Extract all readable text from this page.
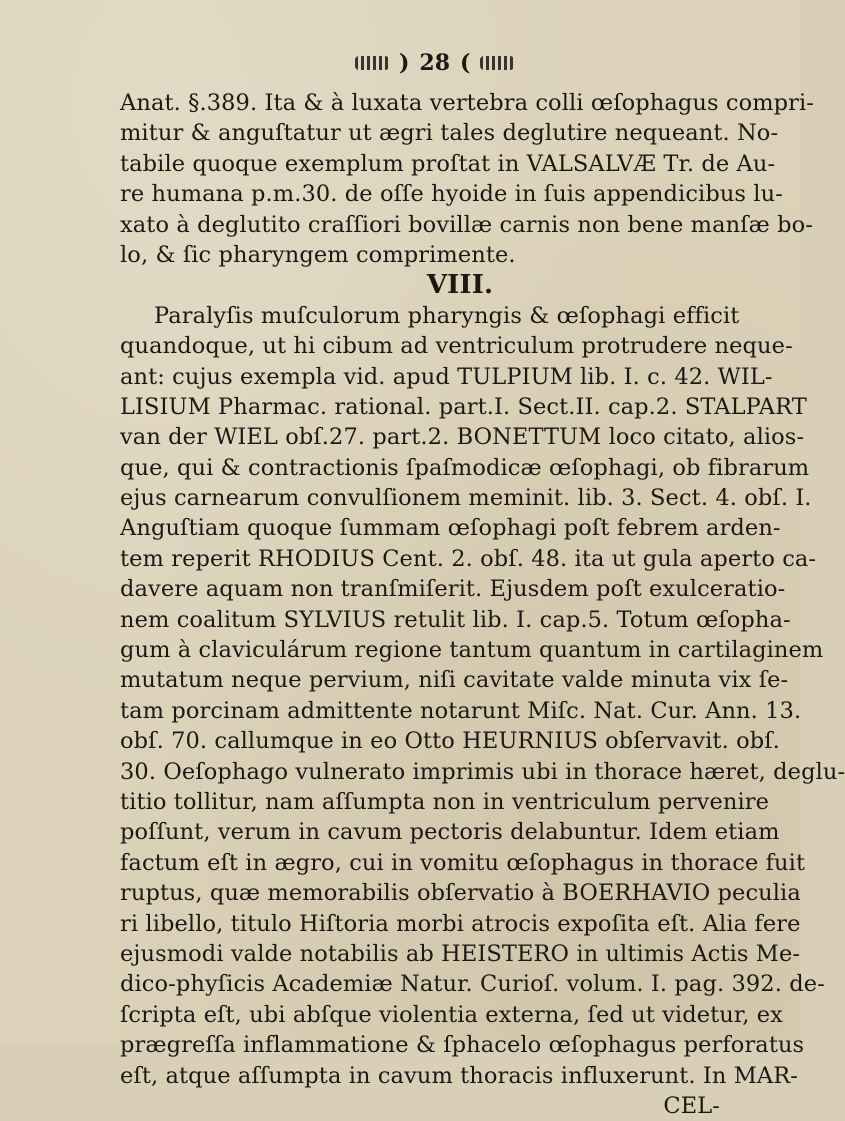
) 28 (
Anat. §.389. Ita & à luxata vertebra colli œſophagus compri-
mitur & anguſtatur ut ægri tales deglutire nequeant. No-
tabile quoque exemplum proſtat in VALSALVÆ Tr. de Au-
re humana p.m.30. de oſſe hyoide in ſuis appendicibus lu-
xato à deglutito craſſiori bovillæ carnis non bene manſæ bo-
lo, & ſic pharyngem comprimente.
VIII.
Paralyſis muſculorum pharyngis & œſophagi efficit
quandoque, ut hi cibum ad ventriculum protrudere neque-
ant: cujus exempla vid. apud TULPIUM lib. I. c. 42. WIL-
LISIUM Pharmac. rational. part.I. Sect.II. cap.2. STALPART
van der WIEL obſ.27. part.2. BONETTUM loco citato, alios-
que, qui & contractionis ſpaſmodicæ œſophagi, ob fibrarum
ejus carnearum convulſionem meminit. lib. 3. Sect. 4. obſ. I.
Anguſtiam quoque ſummam œſophagi poſt febrem arden-
tem reperit RHODIUS Cent. 2. obſ. 48. ita ut gula aperto ca-
davere aquam non tranſmiſerit. Ejusdem poſt exulceratio-
nem coalitum SYLVIUS retulit lib. I. cap.5. Totum œſopha-
gum à claviculárum regione tantum quantum in cartilaginem
mutatum neque pervium, niſi cavitate valde minuta vix ſe-
tam porcinam admittente notarunt Miſc. Nat. Cur. Ann. 13.
obſ. 70. callumque in eo Otto HEURNIUS obſervavit. obſ.
30. Oeſophago vulnerato imprimis ubi in thorace hæret, deglu-
titio tollitur, nam aſſumpta non in ventriculum pervenire
poſſunt, verum in cavum pectoris delabuntur. Idem etiam
factum eſt in ægro, cui in vomitu œſophagus in thorace fuit
ruptus, quæ memorabilis obſervatio à BOERHAVIO peculia
ri libello, titulo Hiſtoria morbi atrocis expoſita eſt. Alia fere
ejusmodi valde notabilis ab HEISTERO in ultimis Actis Me-
dico-phyſicis Academiæ Natur. Curioſ. volum. I. pag. 392. de-
ſcripta eſt, ubi abſque violentia externa, ſed ut videtur, ex
prægreſſa inflammatione & ſphacelo œſophagus perforatus
eſt, atque aſſumpta in cavum thoracis influxerunt. In MAR-
CEL-
